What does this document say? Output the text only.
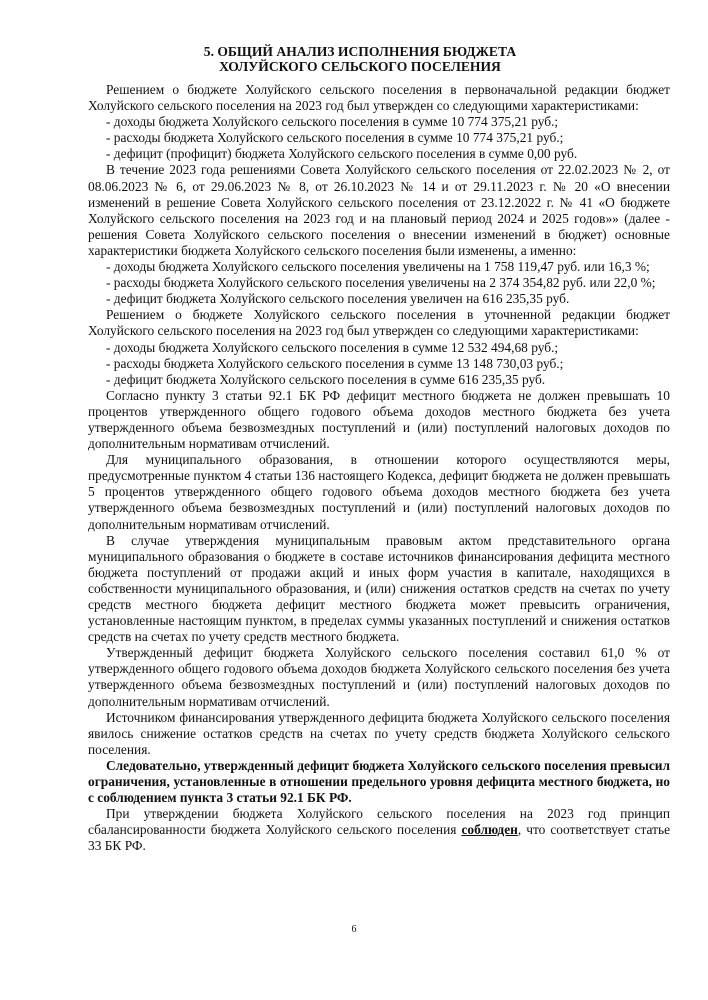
5. ОБЩИЙ АНАЛИЗ ИСПОЛНЕНИЯ БЮДЖЕТА
ХОЛУЙСКОГО СЕЛЬСКОГО ПОСЕЛЕНИЯ

Решением о бюджете Холуйского сельского поселения в первоначальной редакции бюджет Холуйского сельского поселения на 2023 год был утвержден со следующими характеристиками:

- доходы бюджета Холуйского сельского поселения в сумме 10 774 375,21 руб.;

- расходы бюджета Холуйского сельского поселения в сумме 10 774 375,21 руб.;

- дефицит (профицит) бюджета Холуйского сельского поселения в сумме 0,00 руб.

В течение 2023 года решениями Совета Холуйского сельского поселения от 22.02.2023 № 2, от 08.06.2023 № 6, от 29.06.2023 № 8, от 26.10.2023 № 14 и от 29.11.2023 г. № 20 «О внесении изменений в решение Совета Холуйского сельского поселения от 23.12.2022 г. № 41 «О бюджете Холуйского сельского поселения на 2023 год и на плановый период 2024 и 2025 годов»» (далее - решения Совета Холуйского сельского поселения о внесении изменений в бюджет) основные характеристики бюджета Холуйского сельского поселения были изменены, а именно:

- доходы бюджета Холуйского сельского поселения увеличены на 1 758 119,47 руб. или 16,3 %;

- расходы бюджета Холуйского сельского поселения увеличены на 2 374 354,82 руб. или 22,0 %;

- дефицит бюджета Холуйского сельского поселения увеличен на 616 235,35 руб.

Решением о бюджете Холуйского сельского поселения в уточненной редакции бюджет Холуйского сельского поселения на 2023 год был утвержден со следующими характеристиками:

- доходы бюджета Холуйского сельского поселения в сумме 12 532 494,68 руб.;

- расходы бюджета Холуйского сельского поселения в сумме 13 148 730,03 руб.;

- дефицит бюджета Холуйского сельского поселения в сумме 616 235,35 руб.

Согласно пункту 3 статьи 92.1 БК РФ дефицит местного бюджета не должен превышать 10 процентов утвержденного общего годового объема доходов местного бюджета без учета утвержденного объема безвозмездных поступлений и (или) поступлений налоговых доходов по дополнительным нормативам отчислений.

Для муниципального образования, в отношении которого осуществляются меры, предусмотренные пунктом 4 статьи 136 настоящего Кодекса, дефицит бюджета не должен превышать 5 процентов утвержденного общего годового объема доходов местного бюджета без учета утвержденного объема безвозмездных поступлений и (или) поступлений налоговых доходов по дополнительным нормативам отчислений.

В случае утверждения муниципальным правовым актом представительного органа муниципального образования о бюджете в составе источников финансирования дефицита местного бюджета поступлений от продажи акций и иных форм участия в капитале, находящихся в собственности муниципального образования, и (или) снижения остатков средств на счетах по учету средств местного бюджета дефицит местного бюджета может превысить ограничения, установленные настоящим пунктом, в пределах суммы указанных поступлений и снижения остатков средств на счетах по учету средств местного бюджета.

Утвержденный дефицит бюджета Холуйского сельского поселения составил 61,0 % от утвержденного общего годового объема доходов бюджета Холуйского сельского поселения без учета утвержденного объема безвозмездных поступлений и (или) поступлений налоговых доходов по дополнительным нормативам отчислений.

Источником финансирования утвержденного дефицита бюджета Холуйского сельского поселения явилось снижение остатков средств на счетах по учету средств бюджета Холуйского сельского поселения.

Следовательно, утвержденный дефицит бюджета Холуйского сельского поселения превысил ограничения, установленные в отношении предельного уровня дефицита местного бюджета, но с соблюдением пункта 3 статьи 92.1 БК РФ.

При утверждении бюджета Холуйского сельского поселения на 2023 год принцип сбалансированности бюджета Холуйского сельского поселения соблюден, что соответствует статье 33 БК РФ.

6
